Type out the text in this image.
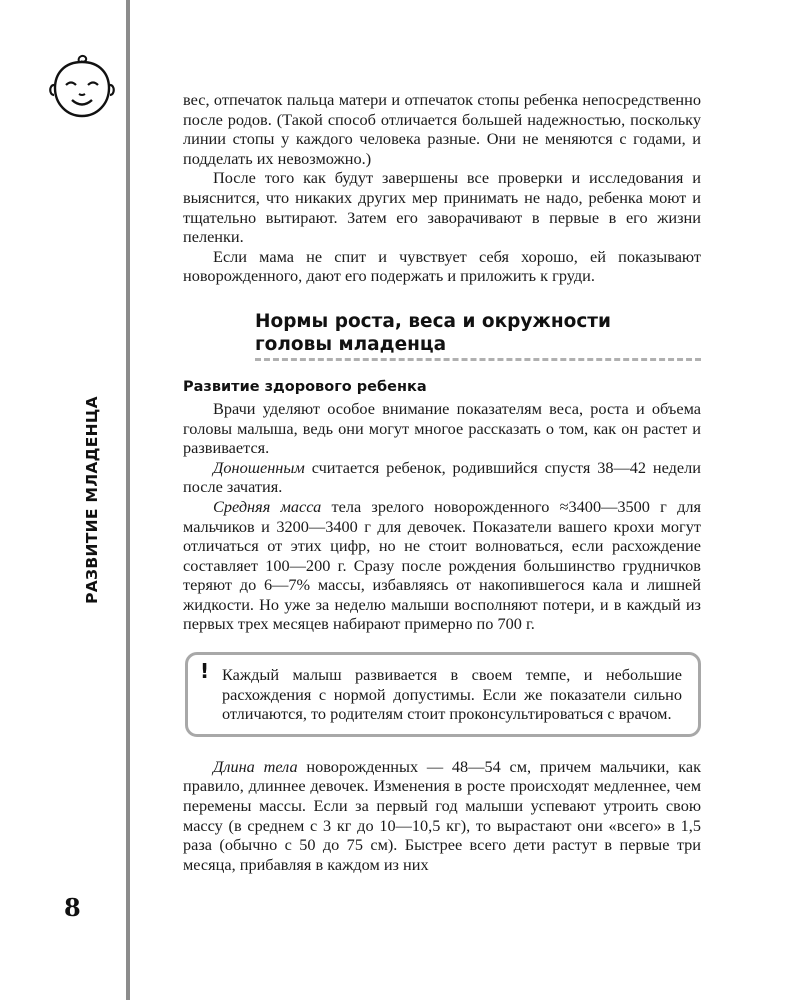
РАЗВИТИЕ МЛАДЕНЦА
8

вес, отпечаток пальца матери и отпечаток стопы ребенка непосредственно после родов. (Такой способ отличается большей надежностью, поскольку линии стопы у каждого человека разные. Они не меняются с годами, и подделать их невозможно.)

После того как будут завершены все проверки и исследования и выяснится, что никаких других мер принимать не надо, ребенка моют и тщательно вытирают. Затем его заворачивают в первые в его жизни пеленки.

Если мама не спит и чувствует себя хорошо, ей показывают новорожденного, дают его подержать и приложить к груди.

Нормы роста, веса и окружности
головы младенца
Развитие здорового ребенка

Врачи уделяют особое внимание показателям веса, роста и объема головы малыша, ведь они могут многое рассказать о том, как он растет и развивается.

Доношенным считается ребенок, родившийся спустя 38—42 недели после зачатия.

Средняя масса тела зрелого новорожденного ≈3400—3500 г для мальчиков и 3200—3400 г для девочек. Показатели вашего крохи могут отличаться от этих цифр, но не стоит волноваться, если расхождение составляет 100—200 г. Сразу после рождения большинство грудничков теряют до 6—7% массы, избавляясь от накопившегося кала и лишней жидкости. Но уже за неделю малыши восполняют потери, и в каждый из первых трех месяцев набирают примерно по 700 г.

! Каждый малыш развивается в своем темпе, и небольшие расхождения с нормой допустимы. Если же показатели сильно отличаются, то родителям стоит проконсультироваться с врачом.

Длина тела новорожденных — 48—54 см, причем мальчики, как правило, длиннее девочек. Изменения в росте происходят медленнее, чем перемены массы. Если за первый год малыши успевают утроить свою массу (в среднем с 3 кг до 10—10,5 кг), то вырастают они «всего» в 1,5 раза (обычно с 50 до 75 см). Быстрее всего дети растут в первые три месяца, прибавляя в каждом из них
